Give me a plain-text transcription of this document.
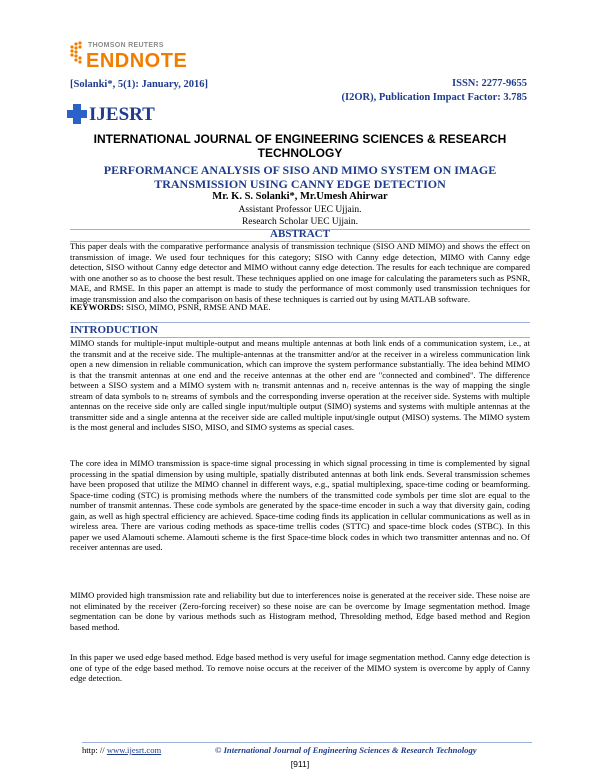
THOMSON REUTERS
ENDNOTE
[Solanki*, 5(1): January, 2016]	ISSN: 2277-9655
(I2OR), Publication Impact Factor: 3.785
IJESRT
INTERNATIONAL JOURNAL OF ENGINEERING SCIENCES & RESEARCH
TECHNOLOGY
PERFORMANCE ANALYSIS OF SISO AND MIMO SYSTEM ON IMAGE
TRANSMISSION USING CANNY EDGE DETECTION
Mr. K. S. Solanki*, Mr.Umesh Ahirwar
Assistant Professor UEC Ujjain.
Research Scholar UEC Ujjain.
ABSTRACT
This paper deals with the comparative performance analysis of transmission technique (SISO AND MIMO) and shows the effect on transmission of image. We used four techniques for this category; SISO with Canny edge detection, MIMO with Canny edge detection, SISO without Canny edge detector and MIMO without canny edge detection. The results for each technique are compared with one another so as to choose the best result. These techniques applied on one image for calculating the parameters such as PSNR, MAE, and RMSE. In this paper an attempt is made to study the performance of most commonly used transmission techniques for image transmission and also the comparison on basis of these techniques is carried out by using MATLAB software.
KEYWORDS: SISO, MIMO, PSNR, RMSE AND MAE.
INTRODUCTION
MIMO stands for multiple-input multiple-output and means multiple antennas at both link ends of a communication system, i.e., at the transmit and at the receive side. The multiple-antennas at the transmitter and/or at the receiver in a wireless communication link open a new dimension in reliable communication, which can improve the system performance substantially. The idea behind MIMO is that the transmit antennas at one end and the receive antennas at the other end are "connected and combined". The difference between a SISO system and a MIMO system with nₜ transmit antennas and nᵣ receive antennas is the way of mapping the single stream of data symbols to nₜ streams of symbols and the corresponding inverse operation at the receiver side. Systems with multiple antennas on the receive side only are called single input/multiple output (SIMO) systems and systems with multiple antennas at the transmitter side and a single antenna at the receiver side are called multiple input/single output (MISO) systems. The MIMO system is the most general and includes SISO, MISO, and SIMO systems as special cases.
The core idea in MIMO transmission is space-time signal processing in which signal processing in time is complemented by signal processing in the spatial dimension by using multiple, spatially distributed antennas at both link ends. Several transmission schemes have been proposed that utilize the MIMO channel in different ways, e.g., spatial multiplexing, space-time coding or beamforming. Space-time coding (STC) is promising methods where the numbers of the transmitted code symbols per time slot are equal to the number of transmit antennas. These code symbols are generated by the space-time encoder in such a way that diversity gain, coding gain, as well as high spectral efficiency are achieved. Space-time coding finds its application in cellular communications as well as in wireless area. There are various coding methods as space-time trellis codes (STTC) and space-time block codes (STBC). In this paper we used Alamouti scheme. Alamouti scheme is the first Space-time block codes in which two transmitter antennas and no. Of receiver antennas are used.
MIMO provided high transmission rate and reliability but due to interferences noise is generated at the receiver side. These noise are not eliminated by the receiver (Zero-forcing receiver) so these noise are can be overcome by Image segmentation method. Image segmentation can be done by various methods such as Histogram method, Thresolding method, Edge based method and Region based method.
In this paper we used edge based method. Edge based method is very useful for image segmentation method. Canny edge detection is one of type of the edge based method. To remove noise occurs at the receiver of the MIMO system is overcome by apply of Canny edge detection.
http: // www.ijesrt.com	© International Journal of Engineering Sciences & Research Technology
[911]
